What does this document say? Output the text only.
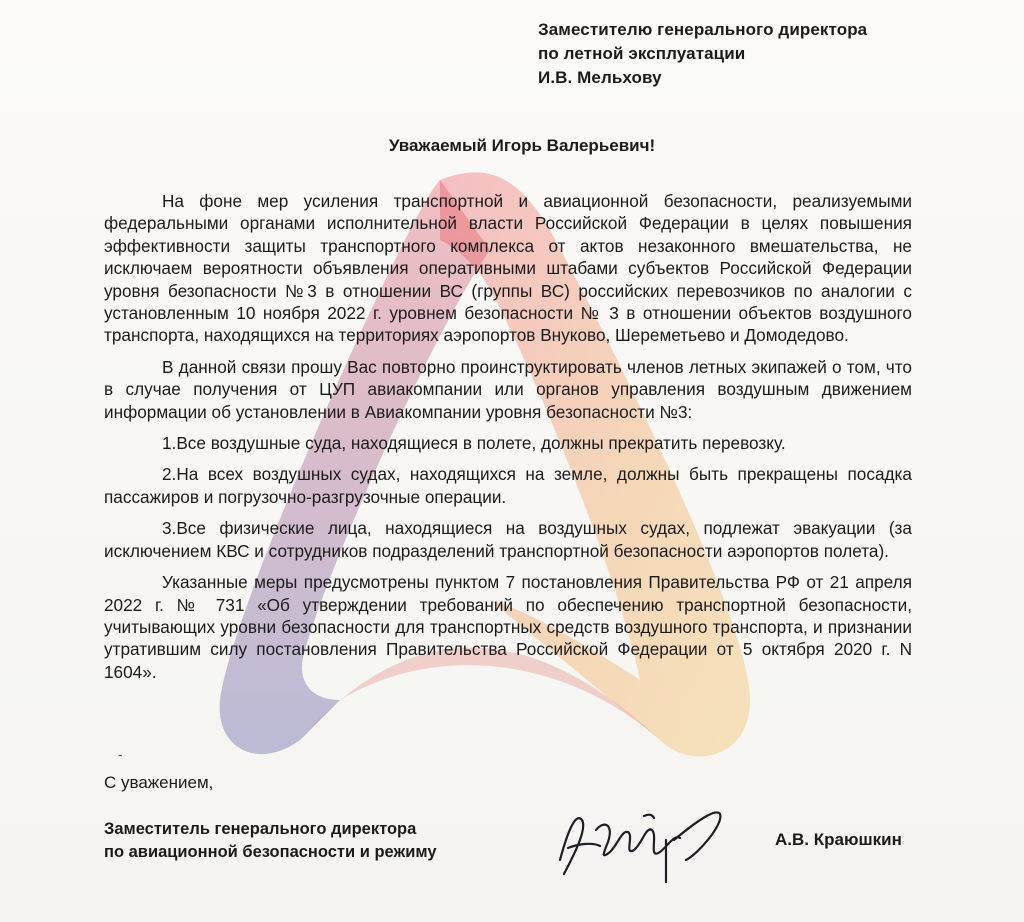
Заместителю генерального директора
по летной эксплуатации
И.В. Мельхову
Уважаемый Игорь Валерьевич!

На фоне мер усиления транспортной и авиационной безопасности, реализуемыми федеральными органами исполнительной власти Российской Федерации в целях повышения эффективности защиты транспортного комплекса от актов незаконного вмешательства, не исключаем вероятности объявления оперативными штабами субъектов Российской Федерации уровня безопасности №3 в отношении ВС (группы ВС) российских перевозчиков по аналогии с установленным 10 ноября 2022 г. уровнем безопасности № 3 в отношении объектов воздушного транспорта, находящихся на территориях аэропортов Внуково, Шереметьево и Домодедово.

В данной связи прошу Вас повторно проинструктировать членов летных экипажей о том, что в случае получения от ЦУП авиакомпании или органов управления воздушным движением информации об установлении в Авиакомпании уровня безопасности №3:

1.Все воздушные суда, находящиеся в полете, должны прекратить перевозку.

2.На всех воздушных судах, находящихся на земле, должны быть прекращены посадка пассажиров и погрузочно-разгрузочные операции.

3.Все физические лица, находящиеся на воздушных судах, подлежат эвакуации (за исключением КВС и сотрудников подразделений транспортной безопасности аэропортов полета).

Указанные меры предусмотрены пунктом 7 постановления Правительства РФ от 21 апреля 2022 г. № 731 «Об утверждении требований по обеспечению транспортной безопасности, учитывающих уровни безопасности для транспортных средств воздушного транспорта, и признании утратившим силу постановления Правительства Российской Федерации от 5 октября 2020 г. N 1604».

-
С уважением,
Заместитель генерального директора
по авиационной безопасности и режиму
А.В. Краюшкин
